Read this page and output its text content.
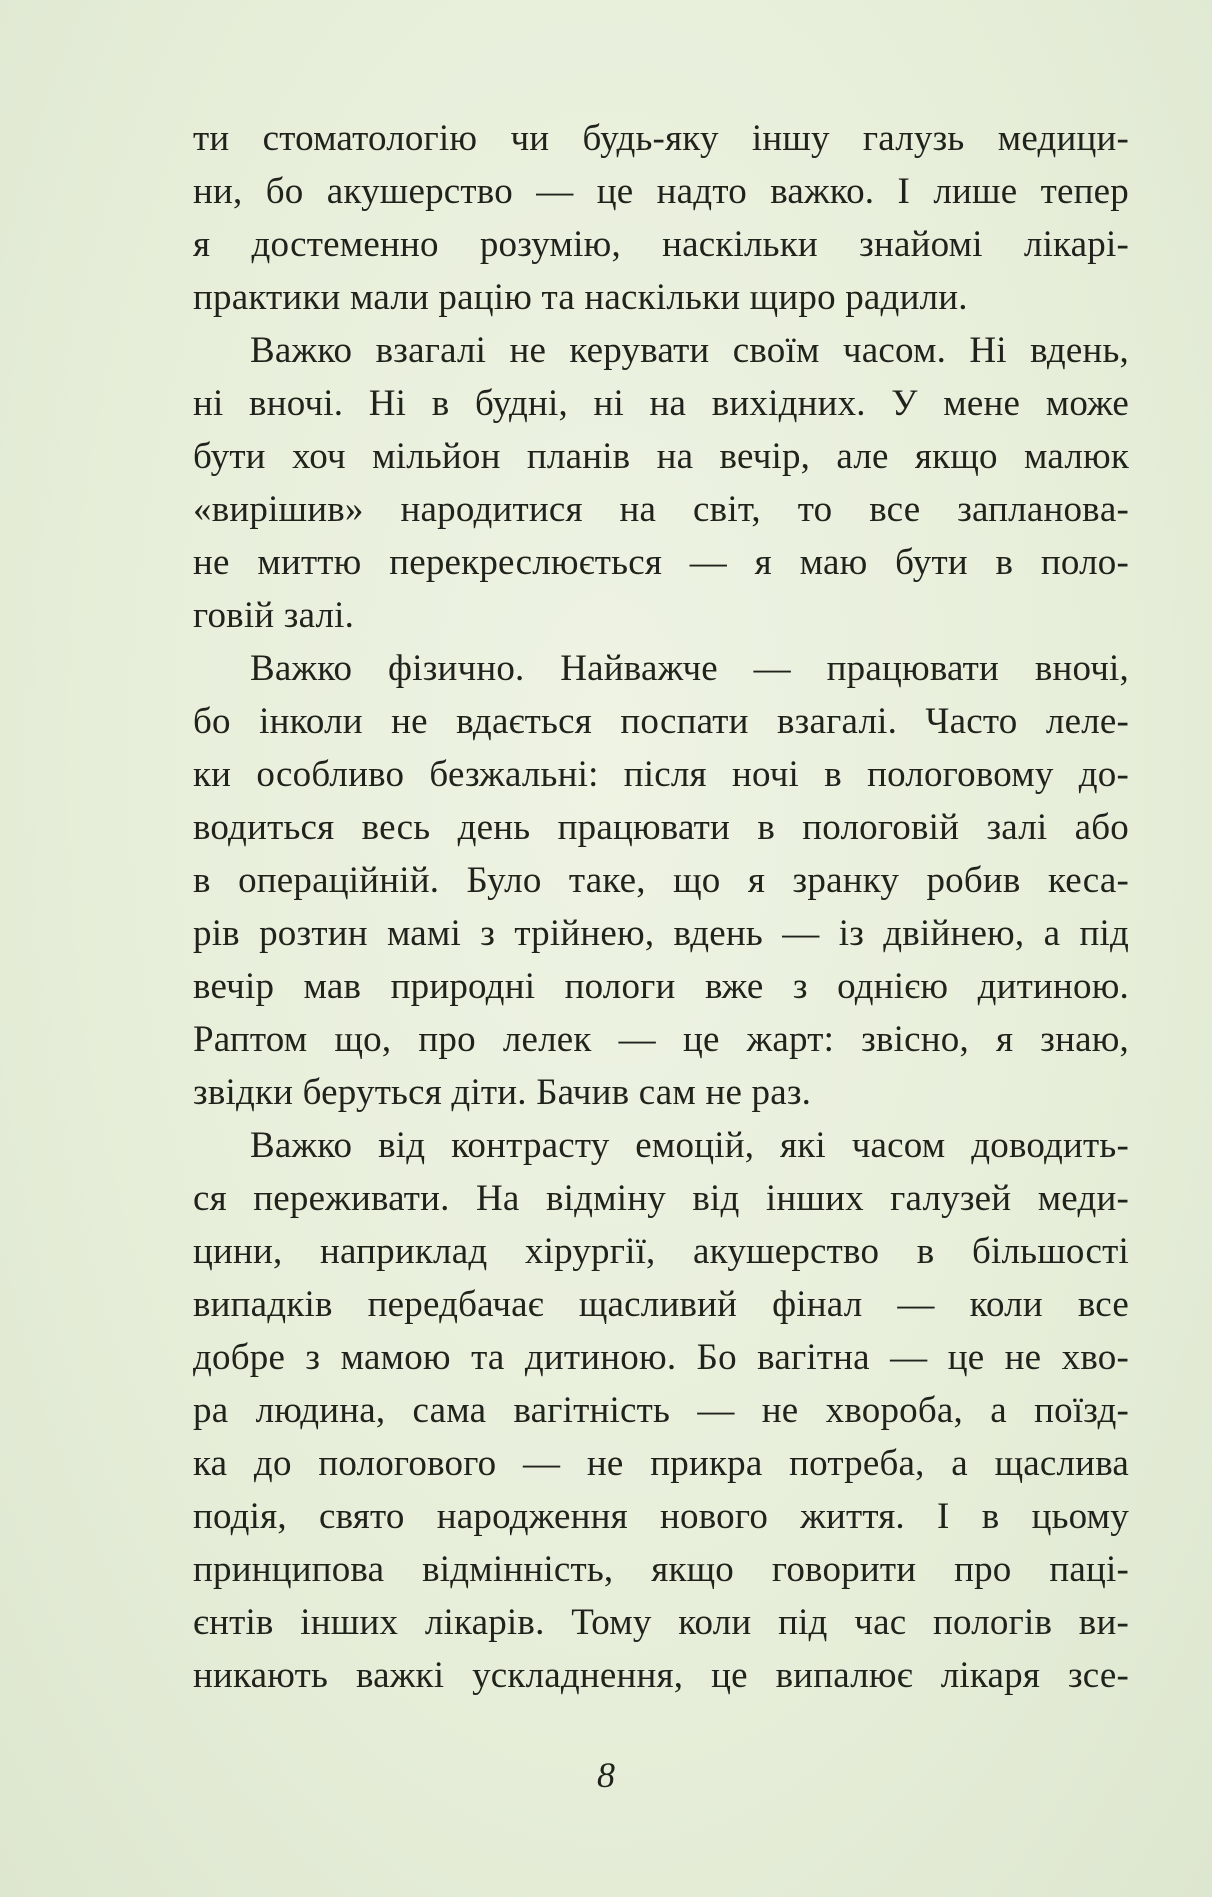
ти стоматологію чи будь-яку іншу галузь медици-
ни, бо акушерство — це надто важко. І лише тепер
я достеменно розумію, наскільки знайомі лікарі-
практики мали рацію та наскільки щиро радили.
Важко взагалі не керувати своїм часом. Ні вдень,
ні вночі. Ні в будні, ні на вихідних. У мене може
бути хоч мільйон планів на вечір, але якщо малюк
«вирішив» народитися на світ, то все заплановa-
не миттю перекреслюється — я маю бути в поло-
говій залі.
Важко фізично. Найважче — працювати вночі,
бо інколи не вдається поспати взагалі. Часто леле-
ки особливо безжальні: після ночі в пологовому до-
водиться весь день працювати в пологовій залі або
в операційній. Було таке, що я зранку робив кеса-
рів розтин мамі з трійнею, вдень — із двійнею, а під
вечір мав природні пологи вже з однією дитиною.
Раптом що, про лелек — це жарт: звісно, я знаю,
звідки беруться діти. Бачив сам не раз.
Важко від контрасту емоцій, які часом доводить-
ся переживати. На відміну від інших галузей меди-
цини, наприклад хірургії, акушерство в більшості
випадків передбачає щасливий фінал — коли все
добре з мамою та дитиною. Бо вагітна — це не хво-
ра людина, сама вагітність — не хвороба, а поїзд-
ка до пологового — не прикра потреба, а щаслива
подія, свято народження нового життя. І в цьому
принципова відмінність, якщо говорити про паці-
єнтів інших лікарів. Тому коли під час пологів ви-
никають важкі ускладнення, це випалює лікаря зсе-
8
